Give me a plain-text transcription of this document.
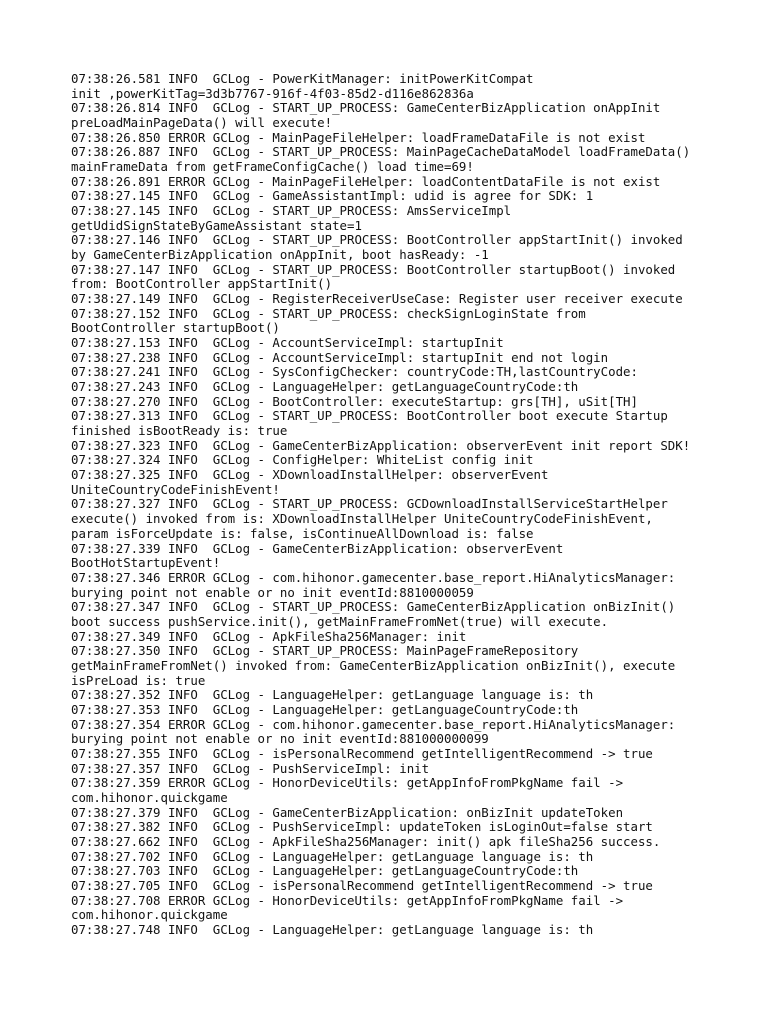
07:38:26.581 INFO  GCLog - PowerKitManager: initPowerKitCompat
init ,powerKitTag=3d3b7767-916f-4f03-85d2-d116e862836a
07:38:26.814 INFO  GCLog - START_UP_PROCESS: GameCenterBizApplication onAppInit
preLoadMainPageData() will execute!
07:38:26.850 ERROR GCLog - MainPageFileHelper: loadFrameDataFile is not exist
07:38:26.887 INFO  GCLog - START_UP_PROCESS: MainPageCacheDataModel loadFrameData()
mainFrameData from getFrameConfigCache() load time=69!
07:38:26.891 ERROR GCLog - MainPageFileHelper: loadContentDataFile is not exist
07:38:27.145 INFO  GCLog - GameAssistantImpl: udid is agree for SDK: 1
07:38:27.145 INFO  GCLog - START_UP_PROCESS: AmsServiceImpl
getUdidSignStateByGameAssistant state=1
07:38:27.146 INFO  GCLog - START_UP_PROCESS: BootController appStartInit() invoked
by GameCenterBizApplication onAppInit, boot hasReady: -1
07:38:27.147 INFO  GCLog - START_UP_PROCESS: BootController startupBoot() invoked
from: BootController appStartInit()
07:38:27.149 INFO  GCLog - RegisterReceiverUseCase: Register user receiver execute
07:38:27.152 INFO  GCLog - START_UP_PROCESS: checkSignLoginState from
BootController startupBoot()
07:38:27.153 INFO  GCLog - AccountServiceImpl: startupInit
07:38:27.238 INFO  GCLog - AccountServiceImpl: startupInit end not login
07:38:27.241 INFO  GCLog - SysConfigChecker: countryCode:TH,lastCountryCode:
07:38:27.243 INFO  GCLog - LanguageHelper: getLanguageCountryCode:th
07:38:27.270 INFO  GCLog - BootController: executeStartup: grs[TH], uSit[TH]
07:38:27.313 INFO  GCLog - START_UP_PROCESS: BootController boot execute Startup
finished isBootReady is: true
07:38:27.323 INFO  GCLog - GameCenterBizApplication: observerEvent init report SDK!
07:38:27.324 INFO  GCLog - ConfigHelper: WhiteList config init
07:38:27.325 INFO  GCLog - XDownloadInstallHelper: observerEvent
UniteCountryCodeFinishEvent!
07:38:27.327 INFO  GCLog - START_UP_PROCESS: GCDownloadInstallServiceStartHelper
execute() invoked from is: XDownloadInstallHelper UniteCountryCodeFinishEvent,
param isForceUpdate is: false, isContinueAllDownload is: false
07:38:27.339 INFO  GCLog - GameCenterBizApplication: observerEvent
BootHotStartupEvent!
07:38:27.346 ERROR GCLog - com.hihonor.gamecenter.base_report.HiAnalyticsManager:
burying point not enable or no init eventId:8810000059
07:38:27.347 INFO  GCLog - START_UP_PROCESS: GameCenterBizApplication onBizInit()
boot success pushService.init(), getMainFrameFromNet(true) will execute.
07:38:27.349 INFO  GCLog - ApkFileSha256Manager: init
07:38:27.350 INFO  GCLog - START_UP_PROCESS: MainPageFrameRepository
getMainFrameFromNet() invoked from: GameCenterBizApplication onBizInit(), execute
isPreLoad is: true
07:38:27.352 INFO  GCLog - LanguageHelper: getLanguage language is: th
07:38:27.353 INFO  GCLog - LanguageHelper: getLanguageCountryCode:th
07:38:27.354 ERROR GCLog - com.hihonor.gamecenter.base_report.HiAnalyticsManager:
burying point not enable or no init eventId:881000000099
07:38:27.355 INFO  GCLog - isPersonalRecommend getIntelligentRecommend -> true
07:38:27.357 INFO  GCLog - PushServiceImpl: init
07:38:27.359 ERROR GCLog - HonorDeviceUtils: getAppInfoFromPkgName fail ->
com.hihonor.quickgame
07:38:27.379 INFO  GCLog - GameCenterBizApplication: onBizInit updateToken
07:38:27.382 INFO  GCLog - PushServiceImpl: updateToken isLoginOut=false start
07:38:27.662 INFO  GCLog - ApkFileSha256Manager: init() apk fileSha256 success.
07:38:27.702 INFO  GCLog - LanguageHelper: getLanguage language is: th
07:38:27.703 INFO  GCLog - LanguageHelper: getLanguageCountryCode:th
07:38:27.705 INFO  GCLog - isPersonalRecommend getIntelligentRecommend -> true
07:38:27.708 ERROR GCLog - HonorDeviceUtils: getAppInfoFromPkgName fail ->
com.hihonor.quickgame
07:38:27.748 INFO  GCLog - LanguageHelper: getLanguage language is: th
